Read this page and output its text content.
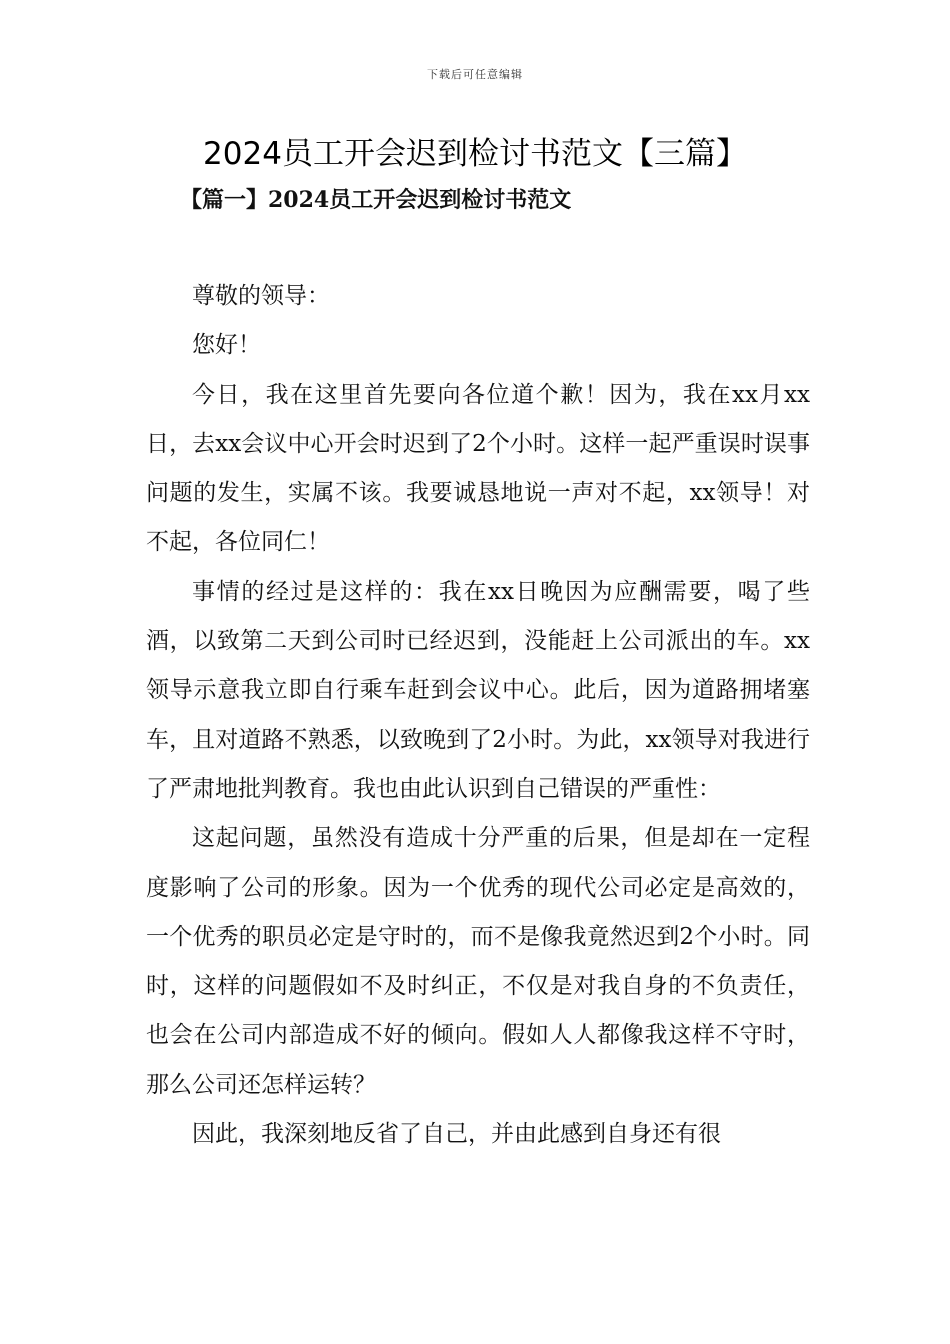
下载后可任意编辑
2024员工开会迟到检讨书范文【三篇】
【篇一】2024员工开会迟到检讨书范文

尊敬的领导：

您好！

今日，我在这里首先要向各位道个歉！因为，我在xx月xx日，去xx会议中心开会时迟到了2个小时。这样一起严重误时误事问题的发生，实属不该。我要诚恳地说一声对不起，xx领导！对不起，各位同仁！

事情的经过是这样的：我在xx日晚因为应酬需要，喝了些酒，以致第二天到公司时已经迟到，没能赶上公司派出的车。xx领导示意我立即自行乘车赶到会议中心。此后，因为道路拥堵塞车，且对道路不熟悉，以致晚到了2小时。为此，xx领导对我进行了严肃地批判教育。我也由此认识到自己错误的严重性：

这起问题，虽然没有造成十分严重的后果，但是却在一定程度影响了公司的形象。因为一个优秀的现代公司必定是高效的，一个优秀的职员必定是守时的，而不是像我竟然迟到2个小时。同时，这样的问题假如不及时纠正，不仅是对我自身的不负责任，也会在公司内部造成不好的倾向。假如人人都像我这样不守时，那么公司还怎样运转？

因此，我深刻地反省了自己，并由此感到自身还有很
